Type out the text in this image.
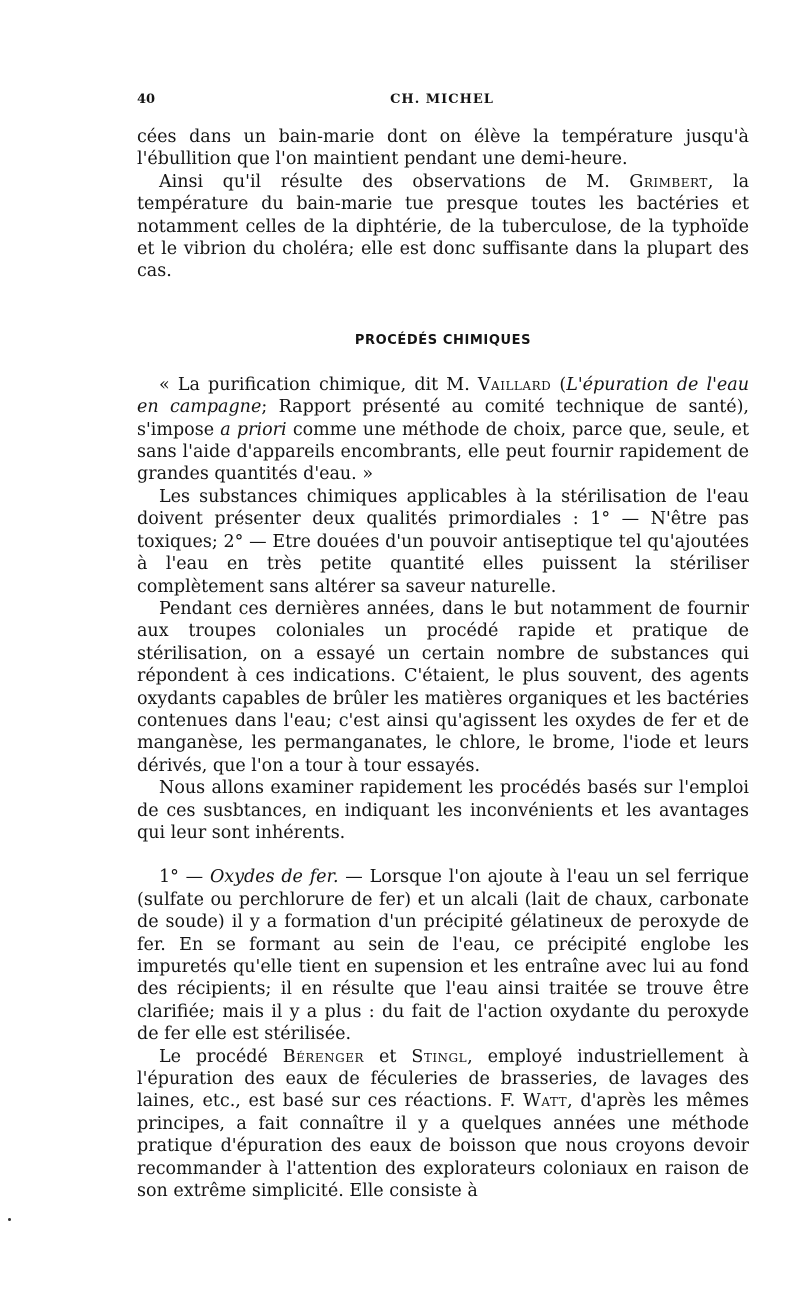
40	CH. MICHEL

cées dans un bain-marie dont on élève la température jusqu'à l'ébullition que l'on maintient pendant une demi-heure.

Ainsi qu'il résulte des observations de M. Grimbert, la température du bain-marie tue presque toutes les bactéries et notamment celles de la diphtérie, de la tuberculose, de la typhoïde et le vibrion du choléra; elle est donc suffisante dans la plupart des cas.

PROCÉDÉS CHIMIQUES

« La purification chimique, dit M. Vaillard (L'épuration de l'eau en campagne; Rapport présenté au comité technique de santé), s'impose a priori comme une méthode de choix, parce que, seule, et sans l'aide d'appareils encombrants, elle peut fournir rapidement de grandes quantités d'eau. »

Les substances chimiques applicables à la stérilisation de l'eau doivent présenter deux qualités primordiales : 1° — N'être pas toxiques; 2° — Etre douées d'un pouvoir antiseptique tel qu'ajoutées à l'eau en très petite quantité elles puissent la stériliser complètement sans altérer sa saveur naturelle.

Pendant ces dernières années, dans le but notamment de fournir aux troupes coloniales un procédé rapide et pratique de stérilisation, on a essayé un certain nombre de substances qui répondent à ces indications. C'étaient, le plus souvent, des agents oxydants capables de brûler les matières organiques et les bactéries contenues dans l'eau; c'est ainsi qu'agissent les oxydes de fer et de manganèse, les permanganates, le chlore, le brome, l'iode et leurs dérivés, que l'on a tour à tour essayés.

Nous allons examiner rapidement les procédés basés sur l'emploi de ces susbtances, en indiquant les inconvénients et les avantages qui leur sont inhérents.

1° — Oxydes de fer. — Lorsque l'on ajoute à l'eau un sel ferrique (sulfate ou perchlorure de fer) et un alcali (lait de chaux, carbonate de soude) il y a formation d'un précipité gélatineux de peroxyde de fer. En se formant au sein de l'eau, ce précipité englobe les impuretés qu'elle tient en supension et les entraîne avec lui au fond des récipients; il en résulte que l'eau ainsi traitée se trouve être clarifiée; mais il y a plus : du fait de l'action oxydante du peroxyde de fer elle est stérilisée.

Le procédé Bérenger et Stingl, employé industriellement à l'épuration des eaux de féculeries de brasseries, de lavages des laines, etc., est basé sur ces réactions. F. Watt, d'après les mêmes principes, a fait connaître il y a quelques années une méthode pratique d'épuration des eaux de boisson que nous croyons devoir recommander à l'attention des explorateurs coloniaux en raison de son extrême simplicité. Elle consiste à
